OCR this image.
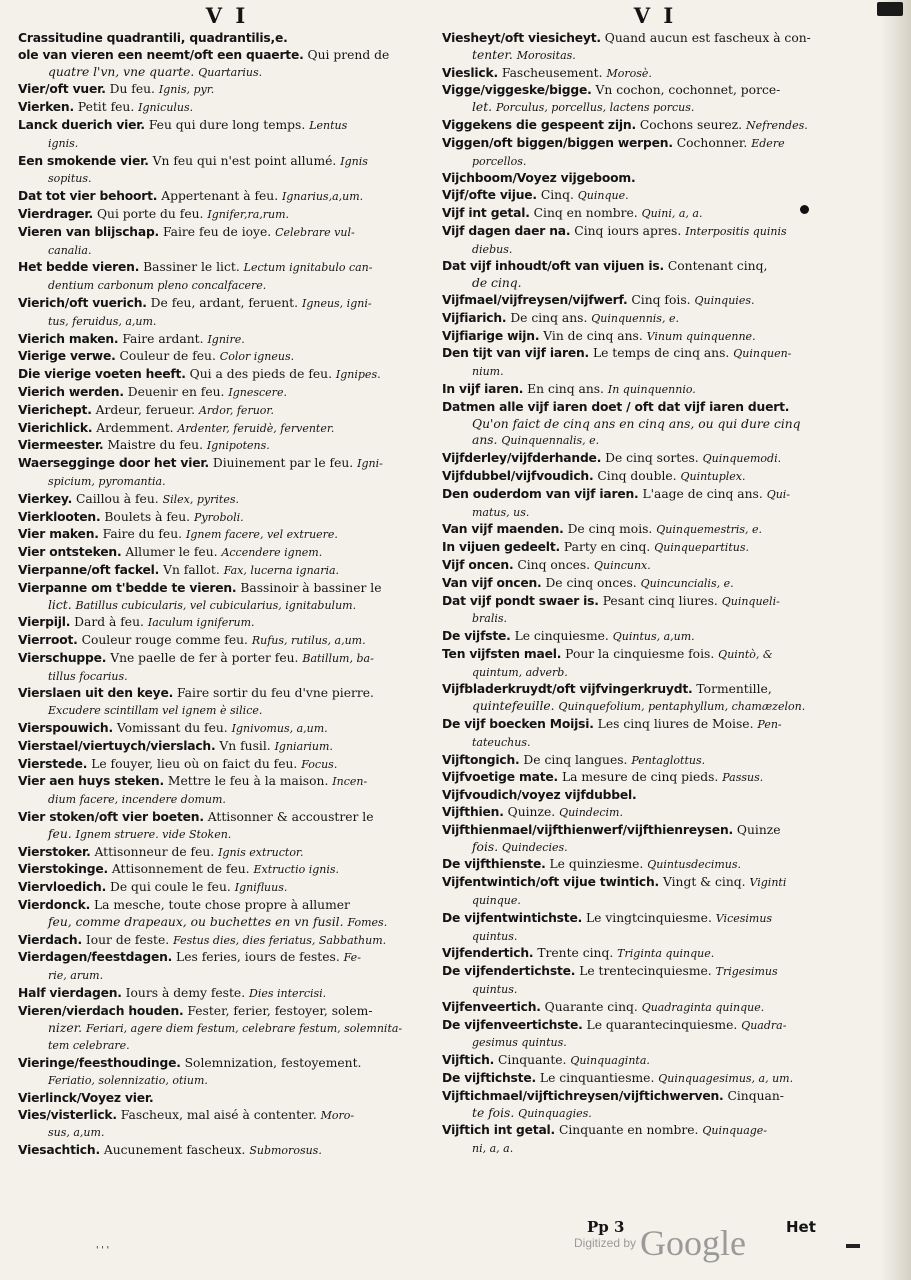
V I
Crassitudine quadrantili, quadrantilis,e.
ole van vieren een neemt/oft een quaerte. Qui prend de
quatre l'vn, vne quarte. Quartarius.
Vier/oft vuer. Du feu. Ignis, pyr.
Vierken. Petit feu. Igniculus.
Lanck duerich vier. Feu qui dure long temps. Lentus
ignis.
Een smokende vier. Vn feu qui n'est point allumé. Ignis
sopitus.
Dat tot vier behoort. Appertenant à feu. Ignarius,a,um.
Vierdrager. Qui porte du feu. Ignifer,ra,rum.
Vieren van blijschap. Faire feu de ioye. Celebrare vul-
canalia.
Het bedde vieren. Bassiner le lict. Lectum ignitabulo can-
dentium carbonum pleno concalfacere.
Vierich/oft vuerich. De feu, ardant, feruent. Igneus, igni-
tus, feruidus, a,um.
Vierich maken. Faire ardant. Ignire.
Vierige verwe. Couleur de feu. Color igneus.
Die vierige voeten heeft. Qui a des pieds de feu. Ignipes.
Vierich werden. Deuenir en feu. Ignescere.
Vierichept. Ardeur, ferueur. Ardor, feruor.
Vierichlick. Ardemment. Ardenter, feruidè, ferventer.
Viermeester. Maistre du feu. Ignipotens.
Waersegginge door het vier. Diuinement par le feu. Igni-
spicium, pyromantia.
Vierkey. Caillou à feu. Silex, pyrites.
Vierklooten. Boulets à feu. Pyroboli.
Vier maken. Faire du feu. Ignem facere, vel extruere.
Vier ontsteken. Allumer le feu. Accendere ignem.
Vierpanne/oft fackel. Vn fallot. Fax, lucerna ignaria.
Vierpanne om t'bedde te vieren. Bassinoir à bassiner le
lict. Batillus cubicularis, vel cubicularius, ignitabulum.
Vierpijl. Dard à feu. Iaculum igniferum.
Vierroot. Couleur rouge comme feu. Rufus, rutilus, a,um.
Vierschuppe. Vne paelle de fer à porter feu. Batillum, ba-
tillus focarius.
Vierslaen uit den keye. Faire sortir du feu d'vne pierre.
Excudere scintillam vel ignem è silice.
Vierspouwich. Vomissant du feu. Ignivomus, a,um.
Vierstael/viertuych/vierslach. Vn fusil. Igniarium.
Vierstede. Le fouyer, lieu où on faict du feu. Focus.
Vier aen huys steken. Mettre le feu à la maison. Incen-
dium facere, incendere domum.
Vier stoken/oft vier boeten. Attisonner & accoustrer le
feu. Ignem struere. vide Stoken.
Vierstoker. Attisonneur de feu. Ignis extructor.
Vierstokinge. Attisonnement de feu. Extructio ignis.
Viervloedich. De qui coule le feu. Ignifluus.
Vierdonck. La mesche, toute chose propre à allumer
feu, comme drapeaux, ou buchettes en vn fusil. Fomes.
Vierdach. Iour de feste. Festus dies, dies feriatus, Sabbathum.
Vierdagen/feestdagen. Les feries, iours de festes. Fe-
rie, arum.
Half vierdagen. Iours à demy feste. Dies intercisi.
Vieren/vierdach houden. Fester, ferier, festoyer, solem-
nizer. Feriari, agere diem festum, celebrare festum, solemnita-
tem celebrare.
Vieringe/feesthoudinge. Solemnization, festoyement.
Feriatio, solennizatio, otium.
Vierlinck/Voyez vier.
Vies/visterlick. Fascheux, mal aisé à contenter. Moro-
sus, a,um.
Viesachtich. Aucunement fascheux. Submorosus.
V I
Viesheyt/oft viesicheyt. Quand aucun est fascheux à con-
tenter. Morositas.
Vieslick. Fascheusement. Morosè.
Vigge/viggeske/bigge. Vn cochon, cochonnet, porce-
let. Porculus, porcellus, lactens porcus.
Viggekens die gespeent zijn. Cochons seurez. Nefrendes.
Viggen/oft biggen/biggen werpen. Cochonner. Edere
porcellos.
Vijchboom/Voyez vijgeboom.
Vijf/ofte vijue. Cinq. Quinque.
Vijf int getal. Cinq en nombre. Quini, a, a.
Vijf dagen daer na. Cinq iours apres. Interpositis quinis
diebus.
Dat vijf inhoudt/oft van vijuen is. Contenant cinq,
de cinq.
Vijfmael/vijfreysen/vijfwerf. Cinq fois. Quinquies.
Vijfiarich. De cinq ans. Quinquennis, e.
Vijfiarige wijn. Vin de cinq ans. Vinum quinquenne.
Den tijt van vijf iaren. Le temps de cinq ans. Quinquen-
nium.
In vijf iaren. En cinq ans. In quinquennio.
Datmen alle vijf iaren doet / oft dat vijf iaren duert.
Qu'on faict de cinq ans en cinq ans, ou qui dure cinq
ans. Quinquennalis, e.
Vijfderley/vijfderhande. De cinq sortes. Quinquemodi.
Vijfdubbel/vijfvoudich. Cinq double. Quintuplex.
Den ouderdom van vijf iaren. L'aage de cinq ans. Qui-
matus, us.
Van vijf maenden. De cinq mois. Quinquemestris, e.
In vijuen gedeelt. Party en cinq. Quinquepartitus.
Vijf oncen. Cinq onces. Quincunx.
Van vijf oncen. De cinq onces. Quincuncialis, e.
Dat vijf pondt swaer is. Pesant cinq liures. Quinqueli-
bralis.
De vijfste. Le cinquiesme. Quintus, a,um.
Ten vijfsten mael. Pour la cinquiesme fois. Quintò, &
quintum, adverb.
Vijfbladerkruydt/oft vijfvingerkruydt. Tormentille,
quintefeuille. Quinquefolium, pentaphyllum, chamæzelon.
De vijf boecken Moijsi. Les cinq liures de Moise. Pen-
tateuchus.
Vijftongich. De cinq langues. Pentaglottus.
Vijfvoetige mate. La mesure de cinq pieds. Passus.
Vijfvoudich/voyez vijfdubbel.
Vijfthien. Quinze. Quindecim.
Vijfthienmael/vijfthienwerf/vijfthienreysen. Quinze
fois. Quindecies.
De vijfthienste. Le quinziesme. Quintusdecimus.
Vijfentwintich/oft vijue twintich. Vingt & cinq. Viginti
quinque.
De vijfentwintichste. Le vingtcinquiesme. Vicesimus
quintus.
Vijfendertich. Trente cinq. Triginta quinque.
De vijfendertichste. Le trentecinquiesme. Trigesimus
quintus.
Vijfenveertich. Quarante cinq. Quadraginta quinque.
De vijfenveertichste. Le quarantecinquiesme. Quadra-
gesimus quintus.
Vijftich. Cinquante. Quinquaginta.
De vijftichste. Le cinquantiesme. Quinquagesimus, a, um.
Vijftichmael/vijftichreysen/vijftichwerven. Cinquan-
te fois. Quinquagies.
Vijftich int getal. Cinquante en nombre. Quinquage-
ni, a, a.
Pp 3	Het
Digitized by Google
' ' '
